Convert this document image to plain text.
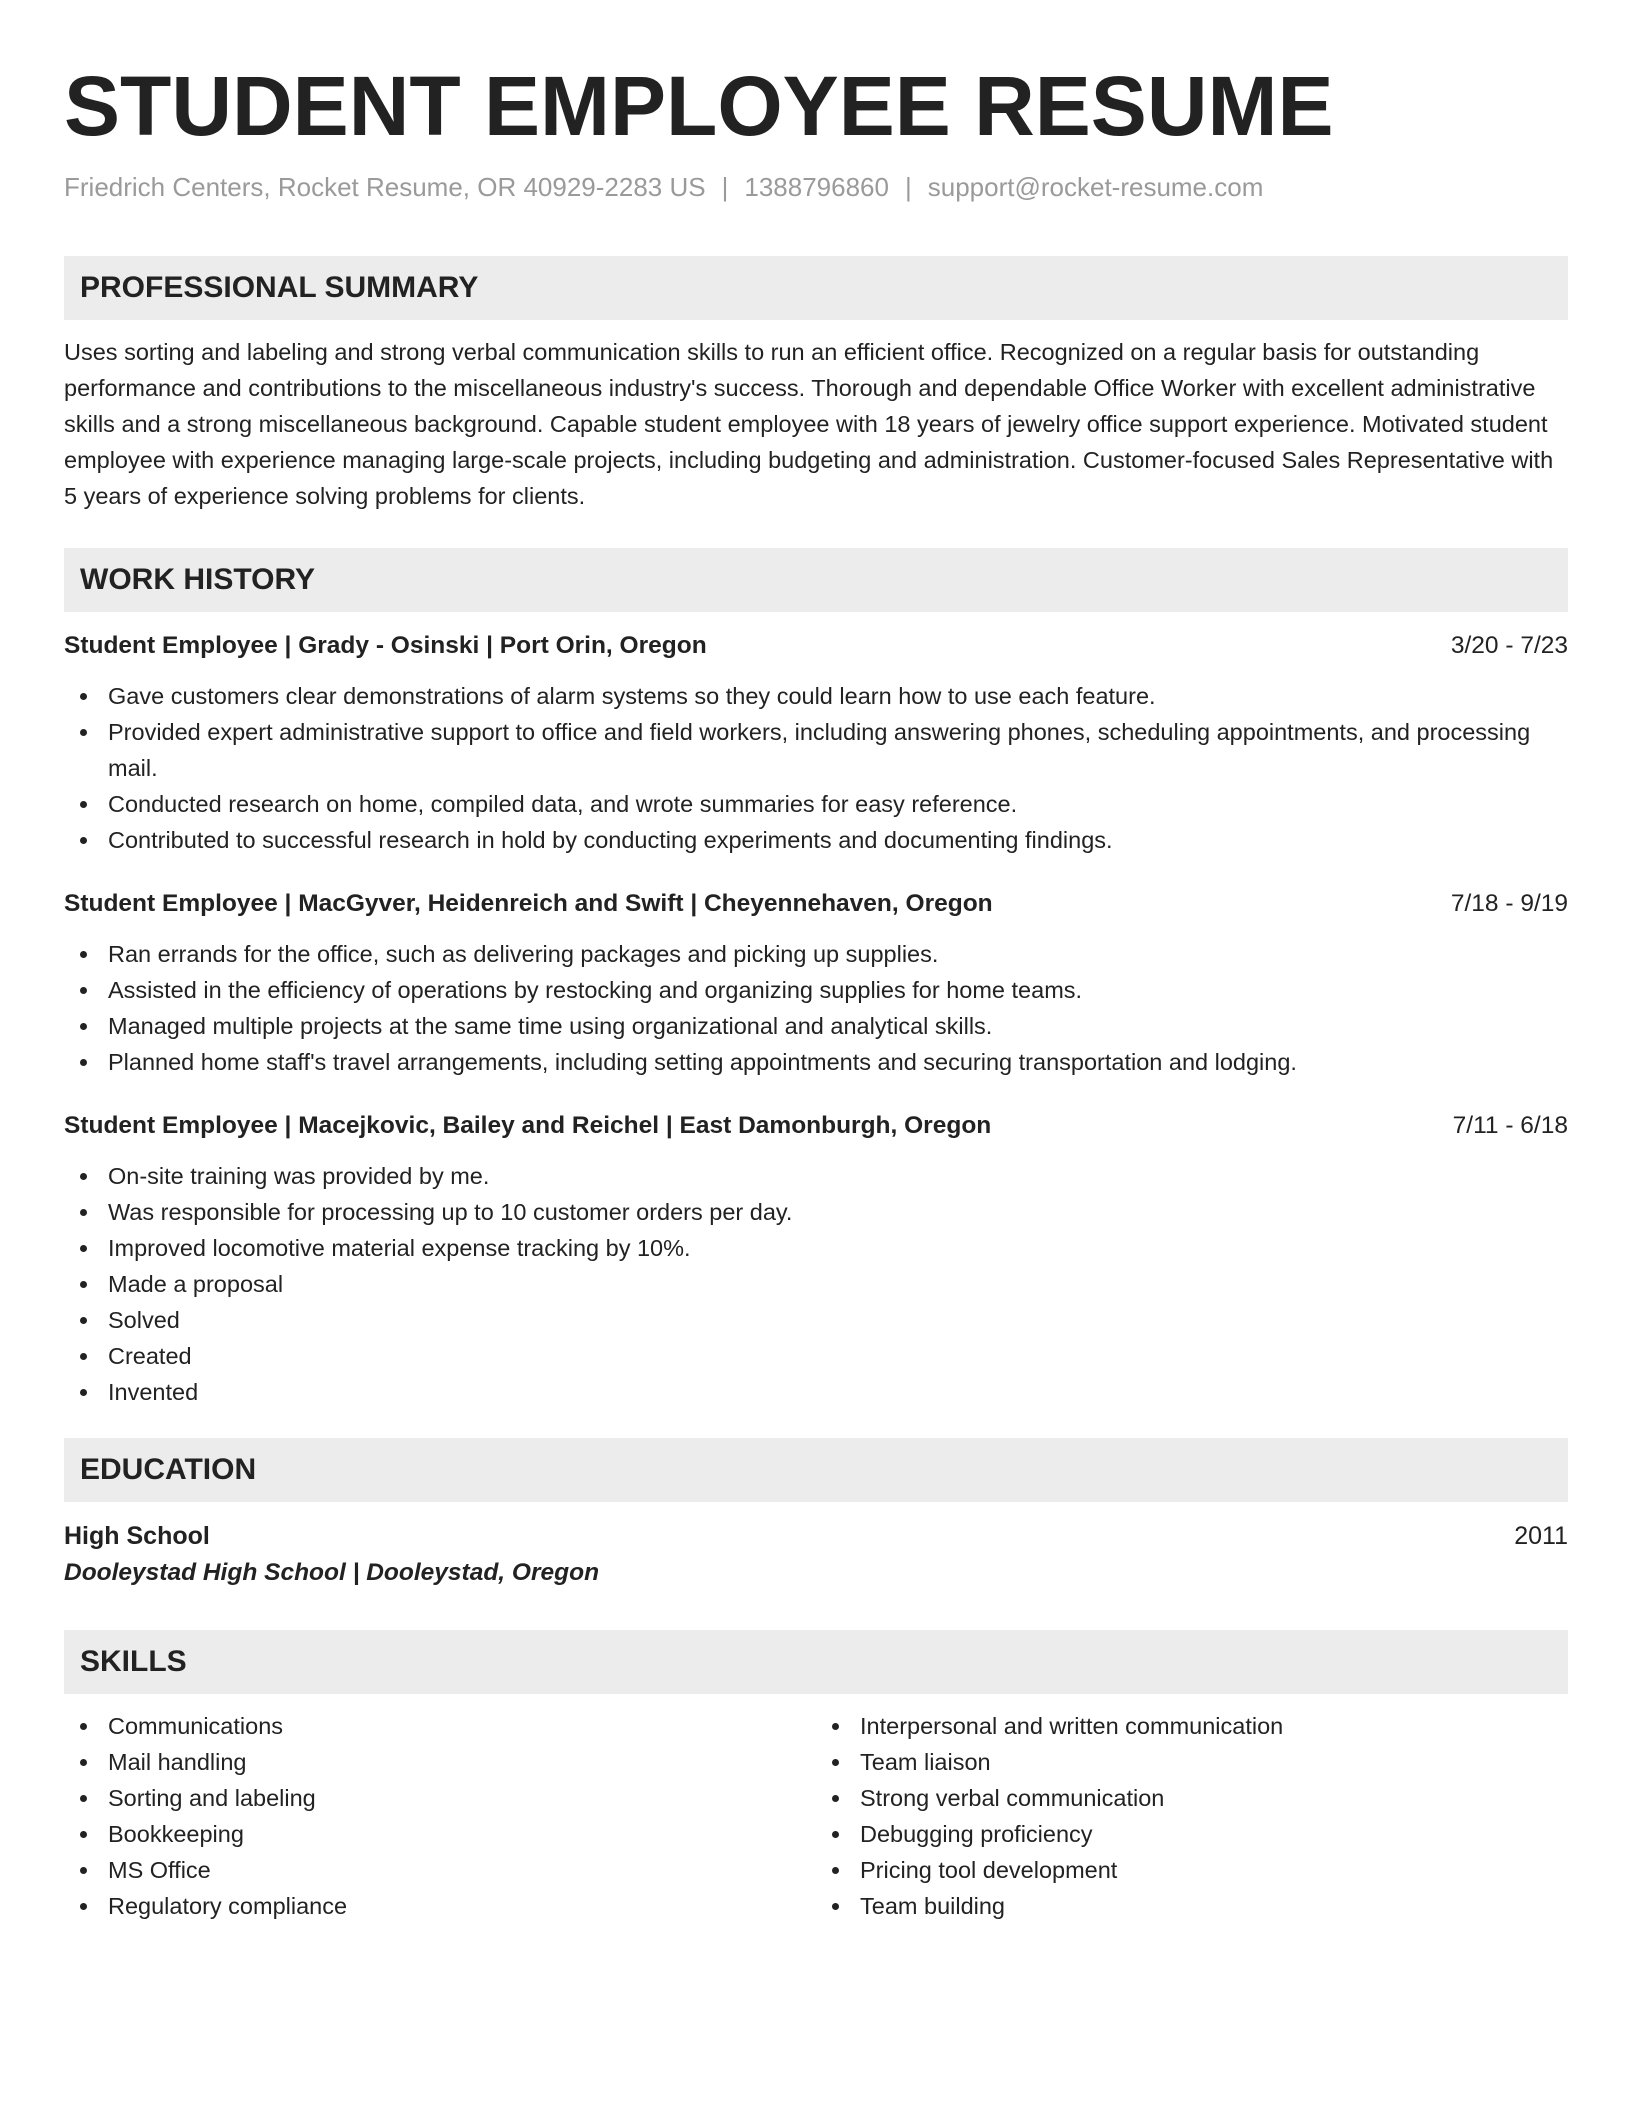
STUDENT EMPLOYEE RESUME
Friedrich Centers, Rocket Resume, OR 40929-2283 US | 1388796860 | support@rocket-resume.com
PROFESSIONAL SUMMARY
Uses sorting and labeling and strong verbal communication skills to run an efficient office. Recognized on a regular basis for outstanding performance and contributions to the miscellaneous industry's success. Thorough and dependable Office Worker with excellent administrative skills and a strong miscellaneous background. Capable student employee with 18 years of jewelry office support experience. Motivated student employee with experience managing large-scale projects, including budgeting and administration. Customer-focused Sales Representative with 5 years of experience solving problems for clients.
WORK HISTORY
Student Employee | Grady - Osinski | Port Orin, Oregon	3/20 - 7/23
Gave customers clear demonstrations of alarm systems so they could learn how to use each feature.
Provided expert administrative support to office and field workers, including answering phones, scheduling appointments, and processing mail.
Conducted research on home, compiled data, and wrote summaries for easy reference.
Contributed to successful research in hold by conducting experiments and documenting findings.
Student Employee | MacGyver, Heidenreich and Swift | Cheyennehaven, Oregon	7/18 - 9/19
Ran errands for the office, such as delivering packages and picking up supplies.
Assisted in the efficiency of operations by restocking and organizing supplies for home teams.
Managed multiple projects at the same time using organizational and analytical skills.
Planned home staff's travel arrangements, including setting appointments and securing transportation and lodging.
Student Employee | Macejkovic, Bailey and Reichel | East Damonburgh, Oregon	7/11 - 6/18
On-site training was provided by me.
Was responsible for processing up to 10 customer orders per day.
Improved locomotive material expense tracking by 10%.
Made a proposal
Solved
Created
Invented
EDUCATION
High School	2011
Dooleystad High School | Dooleystad, Oregon
SKILLS
Communications
Mail handling
Sorting and labeling
Bookkeeping
MS Office
Regulatory compliance
Interpersonal and written communication
Team liaison
Strong verbal communication
Debugging proficiency
Pricing tool development
Team building
